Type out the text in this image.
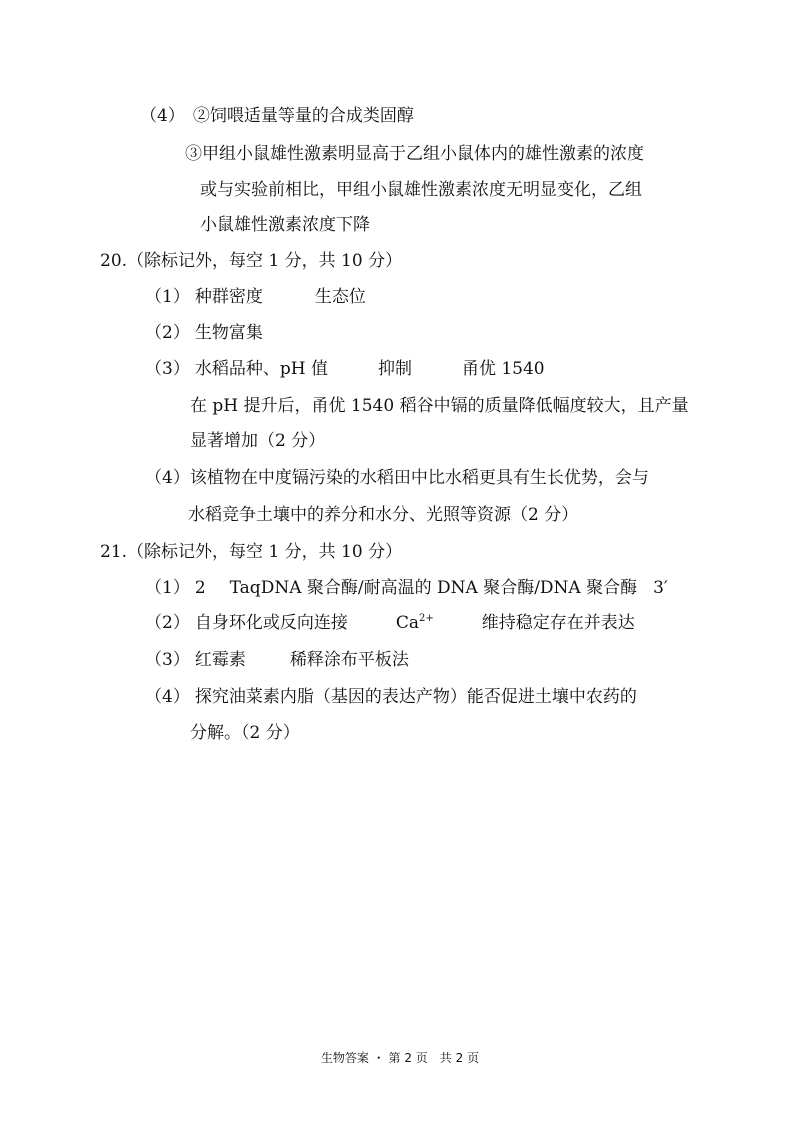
（4） ②饲喂适量等量的合成类固醇
③甲组小鼠雄性激素明显高于乙组小鼠体内的雄性激素的浓度
或与实验前相比，甲组小鼠雄性激素浓度无明显变化，乙组
小鼠雄性激素浓度下降
20.（除标记外，每空 1 分，共 10 分）
（1） 种群密度	生态位
（2） 生物富集
（3） 水稻品种、pH 值	抑制	甬优 1540
在 pH 提升后，甬优 1540 稻谷中镉的质量降低幅度较大，且产量
显著增加（2 分）
（4）该植物在中度镉污染的水稻田中比水稻更具有生长优势，会与
水稻竞争土壤中的养分和水分、光照等资源（2 分）
21.（除标记外，每空 1 分，共 10 分）
（1） 2 TaqDNA 聚合酶/耐高温的 DNA 聚合酶/DNA 聚合酶 3′
（2） 自身环化或反向连接	$Ca^{2+}$	维持稳定存在并表达
（3） 红霉素	稀释涂布平板法
（4） 探究油菜素内脂（基因的表达产物）能否促进土壤中农药的
分解。（2 分）
生物答案 ・ 第 2 页　共 2 页
